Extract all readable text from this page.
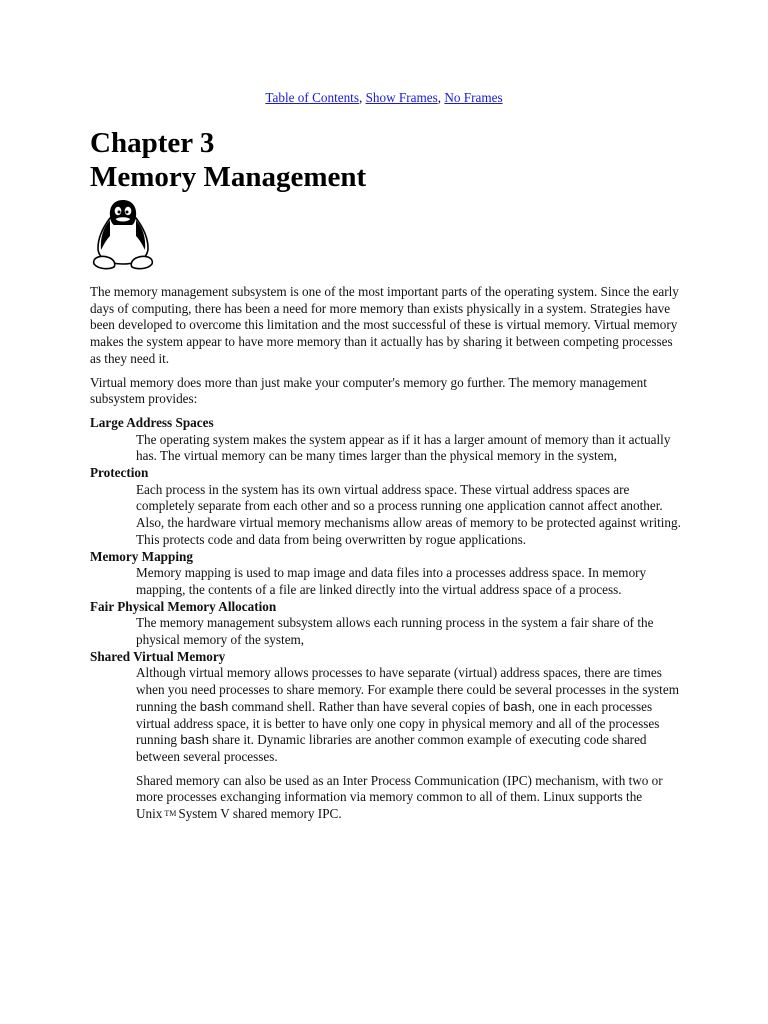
Table of Contents, Show Frames, No Frames
Chapter 3
Memory Management

The memory management subsystem is one of the most important parts of the operating system. Since the early days of computing, there has been a need for more memory than exists physically in a system. Strategies have been developed to overcome this limitation and the most successful of these is virtual memory. Virtual memory makes the system appear to have more memory than it actually has by sharing it between competing processes as they need it.

Virtual memory does more than just make your computer's memory go further. The memory management subsystem provides:

Large Address Spaces
The operating system makes the system appear as if it has a larger amount of memory than it actually has. The virtual memory can be many times larger than the physical memory in the system,
Protection
Each process in the system has its own virtual address space. These virtual address spaces are completely separate from each other and so a process running one application cannot affect another. Also, the hardware virtual memory mechanisms allow areas of memory to be protected against writing. This protects code and data from being overwritten by rogue applications.
Memory Mapping
Memory mapping is used to map image and data files into a processes address space. In memory mapping, the contents of a file are linked directly into the virtual address space of a process.
Fair Physical Memory Allocation
The memory management subsystem allows each running process in the system a fair share of the physical memory of the system,
Shared Virtual Memory

Although virtual memory allows processes to have separate (virtual) address spaces, there are times when you need processes to share memory. For example there could be several processes in the system running the bash command shell. Rather than have several copies of bash, one in each processes virtual address space, it is better to have only one copy in physical memory and all of the processes running bash share it. Dynamic libraries are another common example of executing code shared between several processes.

Shared memory can also be used as an Inter Process Communication (IPC) mechanism, with two or more processes exchanging information via memory common to all of them. Linux supports the Unix TM System V shared memory IPC.
